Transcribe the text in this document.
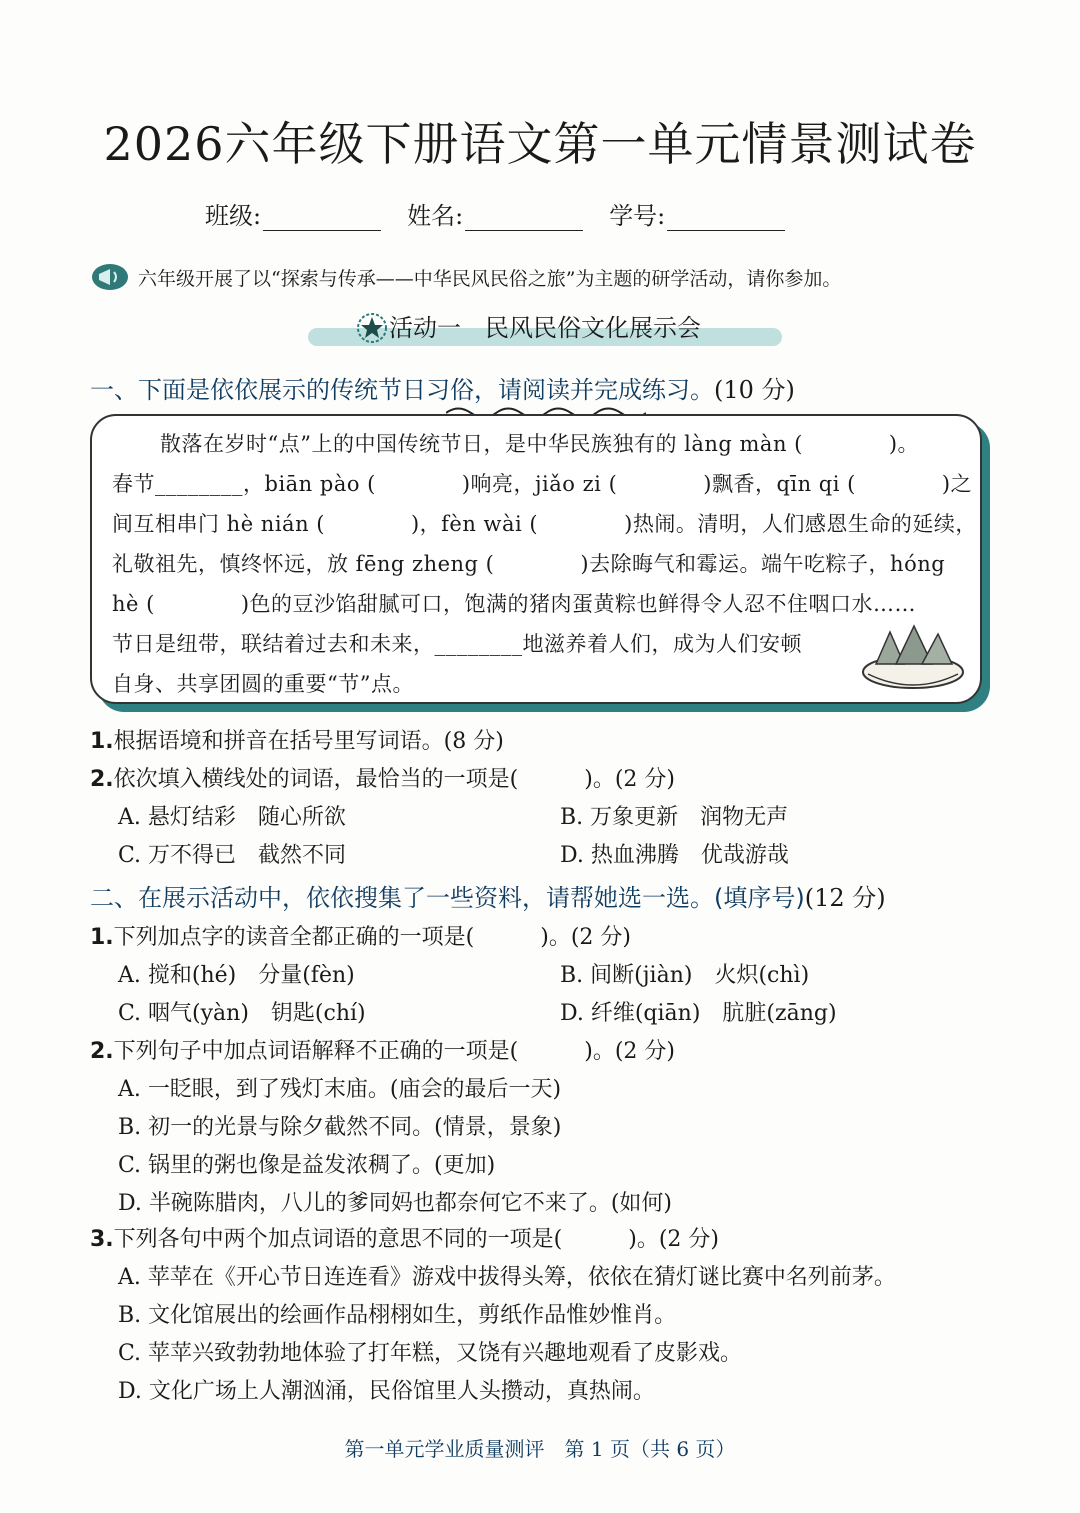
2026六年级下册语文第一单元情景测试卷
班级:	姓名:	学号:
六年级开展了以“探索与传承——中华民风民俗之旅”为主题的研学活动，请你参加。
活动一　民风民俗文化展示会
一、下面是依依展示的传统节日习俗，请阅读并完成练习。(10 分)
散落在岁时“点”上的中国传统节日，是中华民族独有的 làng màn (　　　　)。
春节________，biān pào (　　　　)响亮，jiǎo zi (　　　　)飘香，qīn qi (　　　　)之
间互相串门 hè nián (　　　　)，fèn wài (　　　　)热闹。清明，人们感恩生命的延续，
礼敬祖先，慎终怀远，放 fēng zheng (　　　　)去除晦气和霉运。端午吃粽子，hóng
hè (　　　　)色的豆沙馅甜腻可口，饱满的猪肉蛋黄粽也鲜得令人忍不住咽口水……
节日是纽带，联结着过去和未来，________地滋养着人们，成为人们安顿
自身、共享团圆的重要“节”点。
1.根据语境和拼音在括号里写词语。(8 分)
2.依次填入横线处的词语，最恰当的一项是(　　　)。(2 分)
A. 悬灯结彩　随心所欲	B. 万象更新　润物无声
C. 万不得已　截然不同	D. 热血沸腾　优哉游哉
二、在展示活动中，依依搜集了一些资料，请帮她选一选。(填序号)(12 分)
1.下列加点字的读音全都正确的一项是(　　　)。(2 分)
A. 搅和(hé)　分量(fèn)	B. 间断(jiàn)　火炽(chì)
C. 咽气(yàn)　钥匙(chí)	D. 纤维(qiān)　肮脏(zāng)
2.下列句子中加点词语解释不正确的一项是(　　　)。(2 分)
A. 一眨眼，到了残灯末庙。(庙会的最后一天)
B. 初一的光景与除夕截然不同。(情景，景象)
C. 锅里的粥也像是益发浓稠了。(更加)
D. 半碗陈腊肉，八儿的爹同妈也都奈何它不来了。(如何)
3.下列各句中两个加点词语的意思不同的一项是(　　　)。(2 分)
A. 苹苹在《开心节日连连看》游戏中拔得头筹，依依在猜灯谜比赛中名列前茅。
B. 文化馆展出的绘画作品栩栩如生，剪纸作品惟妙惟肖。
C. 苹苹兴致勃勃地体验了打年糕，又饶有兴趣地观看了皮影戏。
D. 文化广场上人潮汹涌，民俗馆里人头攒动，真热闹。
第一单元学业质量测评　第 1 页（共 6 页）
